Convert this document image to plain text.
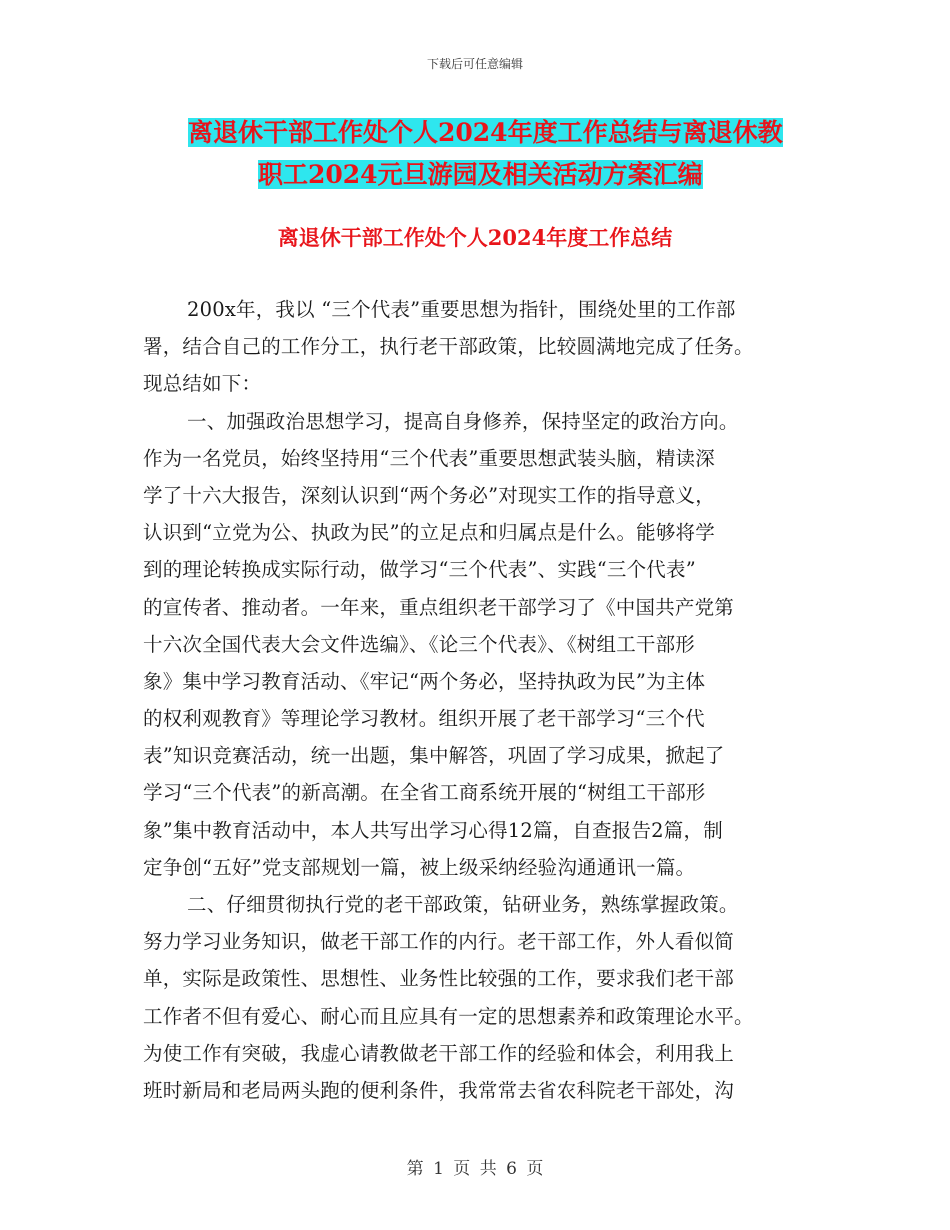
下载后可任意编辑
离退休干部工作处个人2024年度工作总结与离退休教
职工2024元旦游园及相关活动方案汇编
离退休干部工作处个人2024年度工作总结
200x年，我以 “三个代表”重要思想为指针，围绕处里的工作部
署，结合自己的工作分工，执行老干部政策，比较圆满地完成了任务。
现总结如下：
一、加强政治思想学习，提高自身修养，保持坚定的政治方向。
作为一名党员，始终坚持用“三个代表”重要思想武装头脑，精读深
学了十六大报告，深刻认识到“两个务必”对现实工作的指导意义，
认识到“立党为公、执政为民”的立足点和归属点是什么。能够将学
到的理论转换成实际行动，做学习“三个代表”、实践“三个代表”
的宣传者、推动者。一年来，重点组织老干部学习了《中国共产党第
十六次全国代表大会文件选编》、《论三个代表》、《树组工干部形
象》集中学习教育活动、《牢记“两个务必，坚持执政为民”为主体
的权利观教育》等理论学习教材。组织开展了老干部学习“三个代
表”知识竞赛活动，统一出题，集中解答，巩固了学习成果，掀起了
学习“三个代表”的新高潮。在全省工商系统开展的“树组工干部形
象”集中教育活动中，本人共写出学习心得12篇，自查报告2篇，制
定争创“五好”党支部规划一篇，被上级采纳经验沟通通讯一篇。
二、仔细贯彻执行党的老干部政策，钻研业务，熟练掌握政策。
努力学习业务知识，做老干部工作的内行。老干部工作，外人看似简
单，实际是政策性、思想性、业务性比较强的工作，要求我们老干部
工作者不但有爱心、耐心而且应具有一定的思想素养和政策理论水平。
为使工作有突破，我虚心请教做老干部工作的经验和体会，利用我上
班时新局和老局两头跑的便利条件，我常常去省农科院老干部处，沟
第 1 页 共 6 页
